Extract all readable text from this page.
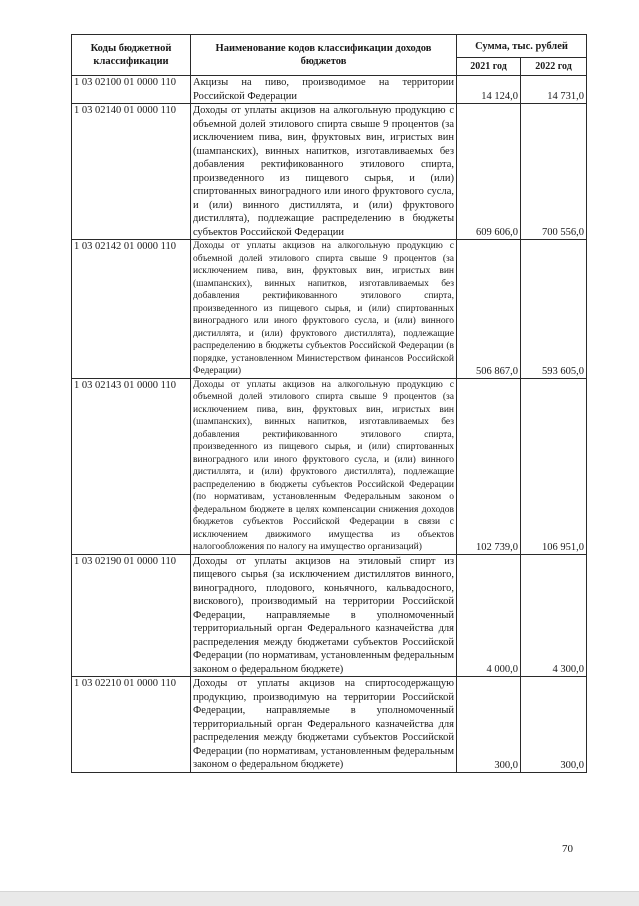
Коды бюджетной классификации	Наименование кодов классификации доходов бюджетов	Сумма, тыс. рублей	
		2021 год	2022 год
1 03 02100 01 0000 110	Акцизы на пиво, производимое на территории Российской Федерации	14 124,0	14 731,0
1 03 02140 01 0000 110	Доходы от уплаты акцизов на алкогольную продукцию с объемной долей этилового спирта свыше 9 процентов (за исключением пива, вин, фруктовых вин, игристых вин (шампанских), винных напитков, изготавливаемых без добавления ректификованного этилового спирта, произведенного из пищевого сырья, и (или) спиртованных виноградного или иного фруктового сусла, и (или) винного дистиллята, и (или) фруктового дистиллята), подлежащие распределению в бюджеты субъектов Российской Федерации	609 606,0	700 556,0
1 03 02142 01 0000 110	Доходы от уплаты акцизов на алкогольную продукцию с объемной долей этилового спирта свыше 9 процентов (за исключением пива, вин, фруктовых вин, игристых вин (шампанских), винных напитков, изготавливаемых без добавления ректификованного этилового спирта, произведенного из пищевого сырья, и (или) спиртованных виноградного или иного фруктового сусла, и (или) винного дистиллята, и (или) фруктового дистиллята), подлежащие распределению в бюджеты субъектов Российской Федерации (в порядке, установленном Министерством финансов Российской Федерации)	506 867,0	593 605,0
1 03 02143 01 0000 110	Доходы от уплаты акцизов на алкогольную продукцию с объемной долей этилового спирта свыше 9 процентов (за исключением пива, вин, фруктовых вин, игристых вин (шампанских), винных напитков, изготавливаемых без добавления ректификованного этилового спирта, произведенного из пищевого сырья, и (или) спиртованных виноградного или иного фруктового сусла, и (или) винного дистиллята, и (или) фруктового дистиллята), подлежащие распределению в бюджеты субъектов Российской Федерации (по нормативам, установленным Федеральным законом о федеральном бюджете в целях компенсации снижения доходов бюджетов субъектов Российской Федерации в связи с исключением движимого имущества из объектов налогообложения по налогу на имущество организаций)	102 739,0	106 951,0
1 03 02190 01 0000 110	Доходы от уплаты акцизов на этиловый спирт из пищевого сырья (за исключением дистиллятов винного, виноградного, плодового, коньячного, кальвадосного, вискового), производимый на территории Российской Федерации, направляемые в уполномоченный территориальный орган Федерального казначейства для распределения между бюджетами субъектов Российской Федерации (по нормативам, установленным федеральным законом о федеральном бюджете)	4 000,0	4 300,0
1 03 02210 01 0000 110	Доходы от уплаты акцизов на спиртосодержащую продукцию, производимую на территории Российской Федерации, направляемые в уполномоченный территориальный орган Федерального казначейства для распределения между бюджетами субъектов Российской Федерации (по нормативам, установленным федеральным законом о федеральном бюджете)	300,0	300,0
70
